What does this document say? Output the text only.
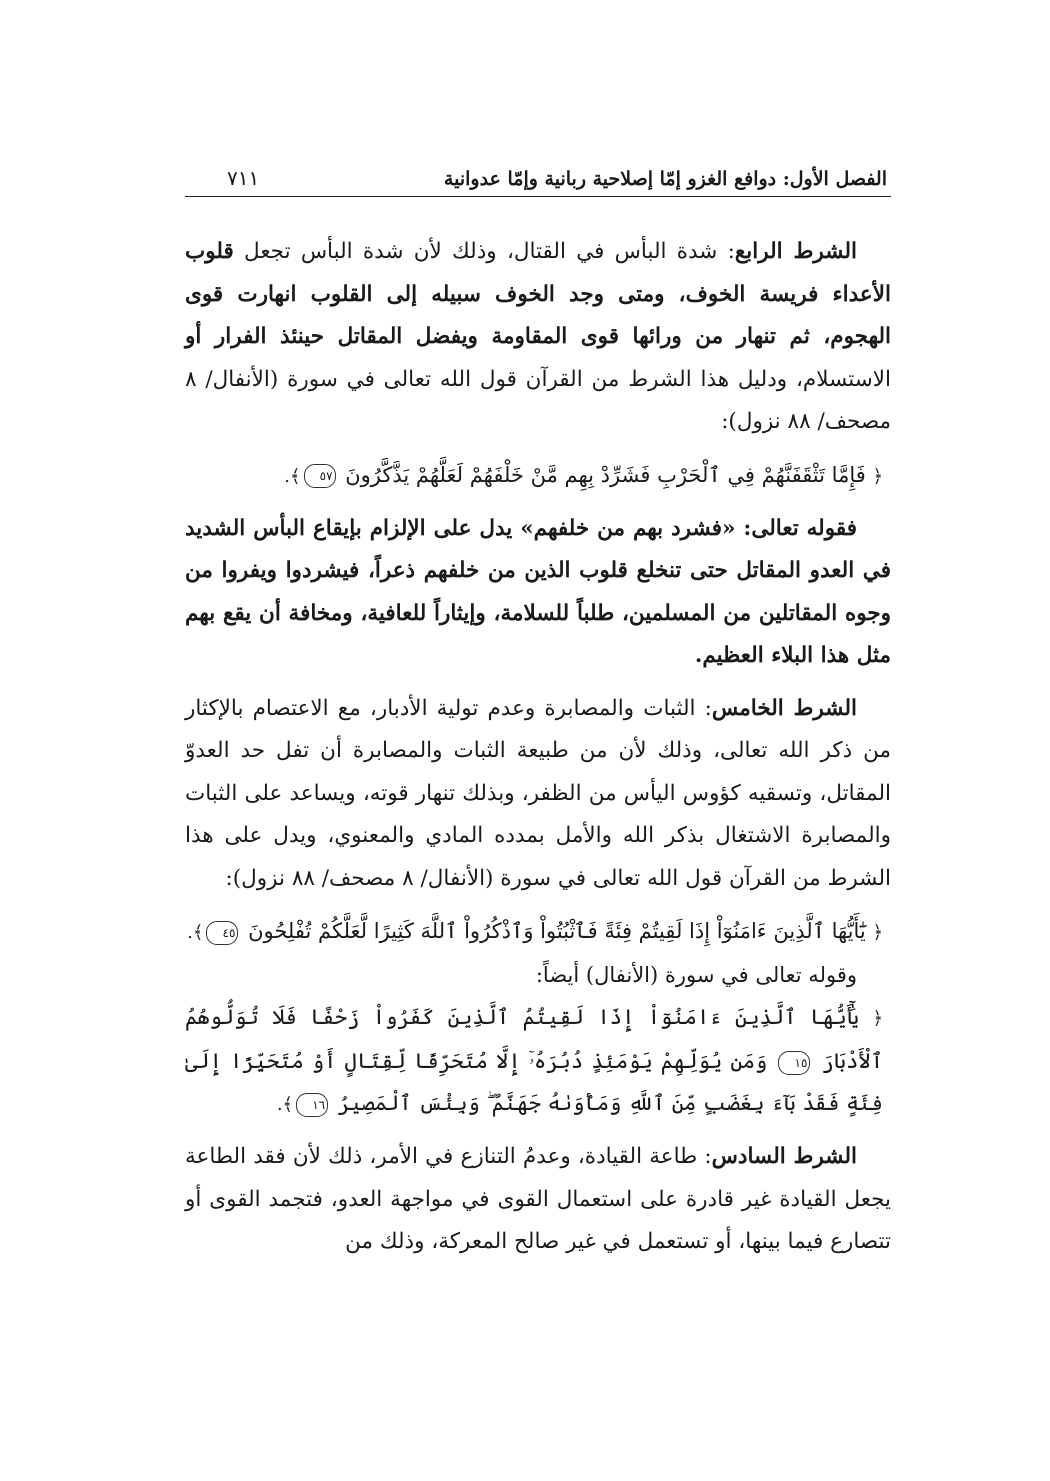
الفصل الأول: دوافع الغزو إمّا إصلاحية ربانية وإمّا عدوانية
٧١١

الشرط الرابع: شدة البأس في القتال، وذلك لأن شدة البأس تجعل قلوب الأعداء فريسة الخوف، ومتى وجد الخوف سبيله إلى القلوب انهارت قوى الهجوم، ثم تنهار من ورائها قوى المقاومة ويفضل المقاتل حينئذ الفرار أو الاستسلام، ودليل هذا الشرط من القرآن قول الله تعالى في سورة (الأنفال/ ٨ مصحف/ ٨٨ نزول):

﴿ فَإِمَّا تَثْقَفَنَّهُمْ فِي ٱلْحَرْبِ فَشَرِّدْ بِهِم مَّنْ خَلْفَهُمْ لَعَلَّهُمْ يَذَّكَّرُونَ ٥٧﴾.

فقوله تعالى: «فشرد بهم من خلفهم» يدل على الإلزام بإيقاع البأس الشديد في العدو المقاتل حتى تنخلع قلوب الذين من خلفهم ذعراً، فيشردوا ويفروا من وجوه المقاتلين من المسلمين، طلباً للسلامة، وإيثاراً للعافية، ومخافة أن يقع بهم مثل هذا البلاء العظيم.

الشرط الخامس: الثبات والمصابرة وعدم تولية الأدبار، مع الاعتصام بالإكثار من ذكر الله تعالى، وذلك لأن من طبيعة الثبات والمصابرة أن تفل حد العدوّ المقاتل، وتسقيه كؤوس اليأس من الظفر، وبذلك تنهار قوته، ويساعد على الثبات والمصابرة الاشتغال بذكر الله والأمل بمدده المادي والمعنوي، ويدل على هذا الشرط من القرآن قول الله تعالى في سورة (الأنفال/ ٨ مصحف/ ٨٨ نزول):

﴿ يَٰٓأَيُّهَا ٱلَّذِينَ ءَامَنُوٓاْ إِذَا لَقِيتُمْ فِئَةً فَٱثْبُتُواْ وَٱذْكُرُواْ ٱللَّهَ كَثِيرًا لَّعَلَّكُمْ تُفْلِحُونَ ٤٥﴾.

وقوله تعالى في سورة (الأنفال) أيضاً:

﴿ يَٰٓأَيُّهَا ٱلَّذِينَ ءَامَنُوٓاْ إِذَا لَقِيتُمُ ٱلَّذِينَ كَفَرُواْ زَحْفًا فَلَا تُوَلُّوهُمُ ٱلْأَدْبَارَ ١٥ وَمَن يُوَلِّهِمْ يَوْمَئِذٍ دُبُرَهُۥٓ إِلَّا مُتَحَرِّفًا لِّقِتَالٍ أَوْ مُتَحَيِّزًا إِلَىٰ فِئَةٍ فَقَدْ بَآءَ بِغَضَبٍ مِّنَ ٱللَّهِ وَمَأْوَىٰهُ جَهَنَّمُ ۖ وَبِئْسَ ٱلْمَصِيرُ ١٦﴾.

الشرط السادس: طاعة القيادة، وعدمُ التنازع في الأمر، ذلك لأن فقد الطاعة يجعل القيادة غير قادرة على استعمال القوى في مواجهة العدو، فتجمد القوى أو تتصارع فيما بينها، أو تستعمل في غير صالح المعركة، وذلك من
